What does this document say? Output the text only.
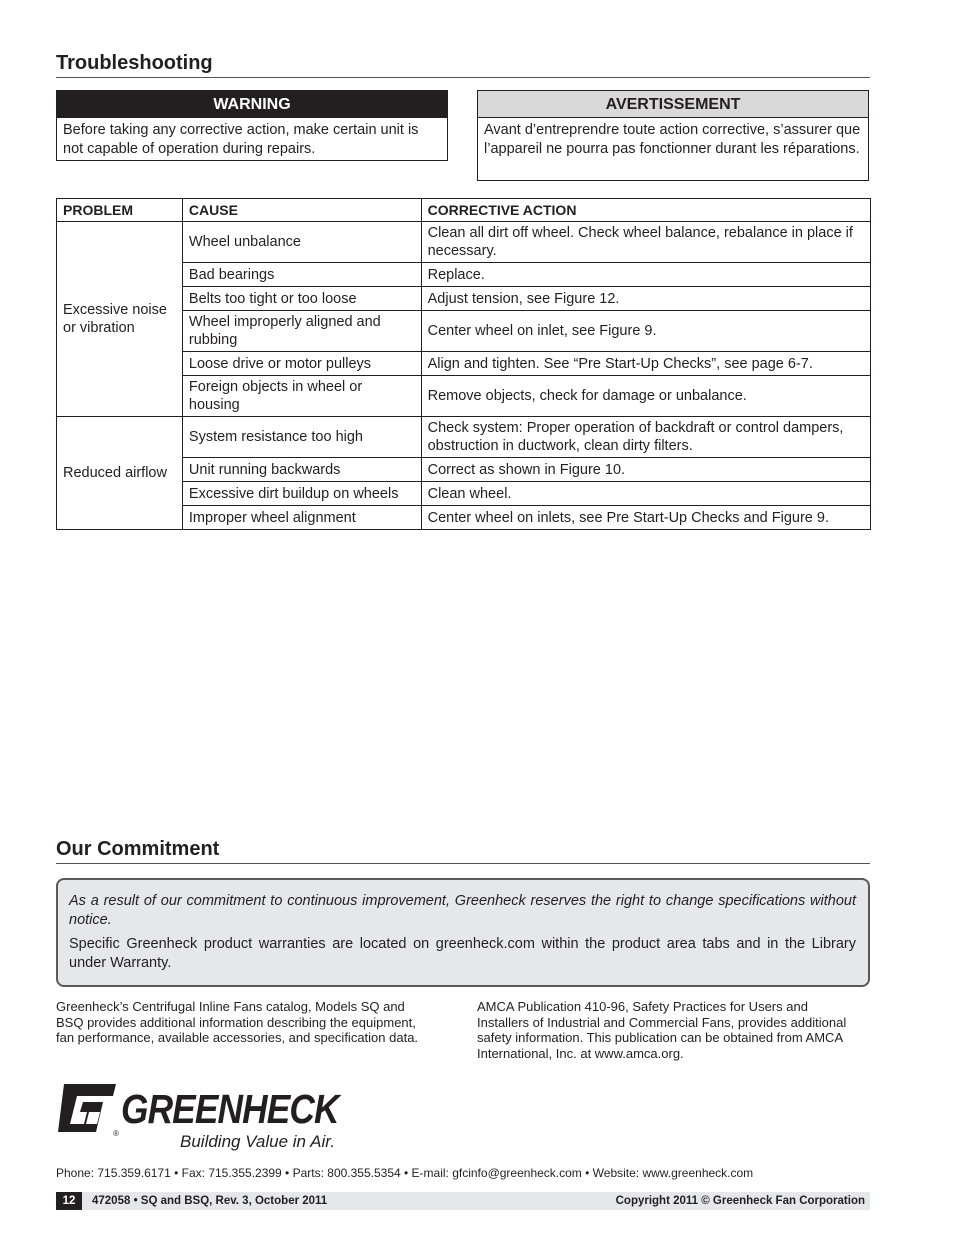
Troubleshooting
WARNING
Before taking any corrective action, make certain unit is not capable of operation during repairs.
AVERTISSEMENT
Avant d’entreprendre toute action corrective, s’assurer que l’appareil ne pourra pas fonctionner durant les réparations.
PROBLEM	CAUSE	CORRECTIVE ACTION
Excessive noise or vibration	Wheel unbalance	Clean all dirt off wheel. Check wheel balance, rebalance in place if necessary.
	Bad bearings	Replace.
	Belts too tight or too loose	Adjust tension, see Figure 12.
	Wheel improperly aligned and rubbing	Center wheel on inlet, see Figure 9.
	Loose drive or motor pulleys	Align and tighten. See “Pre Start-Up Checks”, see page 6-7.
	Foreign objects in wheel or housing	Remove objects, check for damage or unbalance.
Reduced airflow	System resistance too high	Check system: Proper operation of backdraft or control dampers, obstruction in ductwork, clean dirty filters.
	Unit running backwards	Correct as shown in Figure 10.
	Excessive dirt buildup on wheels	Clean wheel.
	Improper wheel alignment	Center wheel on inlets, see Pre Start-Up Checks and Figure 9.
Our Commitment

As a result of our commitment to continuous improvement, Greenheck reserves the right to change specifications without notice.

Specific Greenheck product warranties are located on greenheck.com within the product area tabs and in the Library under Warranty.

Greenheck’s Centrifugal Inline Fans catalog, Models SQ and BSQ provides additional information describing the equipment, fan performance, available accessories, and specification data.
AMCA Publication 410-96, Safety Practices for Users and Installers of Industrial and Commercial Fans, provides additional safety information. This publication can be obtained from AMCA International, Inc. at www.amca.org.
GREENHECK
®	Building Value in Air.
Phone: 715.359.6171 • Fax: 715.355.2399 • Parts: 800.355.5354 • E-mail: gfcinfo@greenheck.com • Website: www.greenheck.com
12	472058 • SQ and BSQ, Rev. 3, October 2011	Copyright 2011 © Greenheck Fan Corporation
